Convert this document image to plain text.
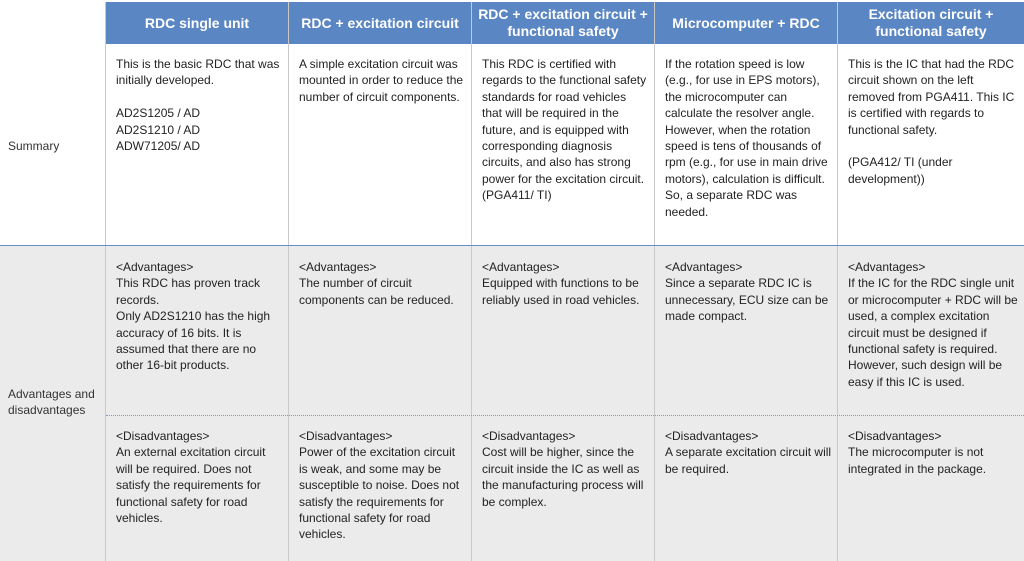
RDC single unit	RDC + excitation circuit
RDC + excitation circuit + functional safety
Microcomputer + RDC
Excitation circuit + functional safety
Summary
Advantages and disadvantages
This is the basic RDC that was initially developed.

AD2S1205 / AD
AD2S1210 / AD
ADW71205/ AD
A simple excitation circuit was mounted in order to reduce the number of circuit components.
This RDC is certified with regards to the functional safety standards for road vehicles that will be required in the future, and is equipped with corresponding diagnosis circuits, and also has strong power for the excitation circuit.
(PGA411/ TI)
If the rotation speed is low (e.g., for use in EPS motors), the microcomputer can calculate the resolver angle. However, when the rotation speed is tens of thousands of rpm (e.g., for use in main drive motors), calculation is difficult. So, a separate RDC was needed.
This is the IC that had the RDC circuit shown on the left removed from PGA411. This IC is certified with regards to functional safety.

(PGA412/ TI (under development))
<Advantages>
This RDC has proven track records.
Only AD2S1210 has the high accuracy of 16 bits. It is assumed that there are no other 16-bit products.
<Advantages>
The number of circuit components can be reduced.
<Advantages>
Equipped with functions to be reliably used in road vehicles.
<Advantages>
Since a separate RDC IC is unnecessary, ECU size can be made compact.
<Advantages>
If the IC for the RDC single unit or microcomputer + RDC will be used, a complex excitation circuit must be designed if functional safety is required. However, such design will be easy if this IC is used.
<Disadvantages>
An external excitation circuit will be required. Does not satisfy the requirements for functional safety for road vehicles.
<Disadvantages>
Power of the excitation circuit is weak, and some may be susceptible to noise. Does not satisfy the requirements for functional safety for road vehicles.
<Disadvantages>
Cost will be higher, since the circuit inside the IC as well as the manufacturing process will be complex.
<Disadvantages>
A separate excitation circuit will be required.
<Disadvantages>
The microcomputer is not integrated in the package.
